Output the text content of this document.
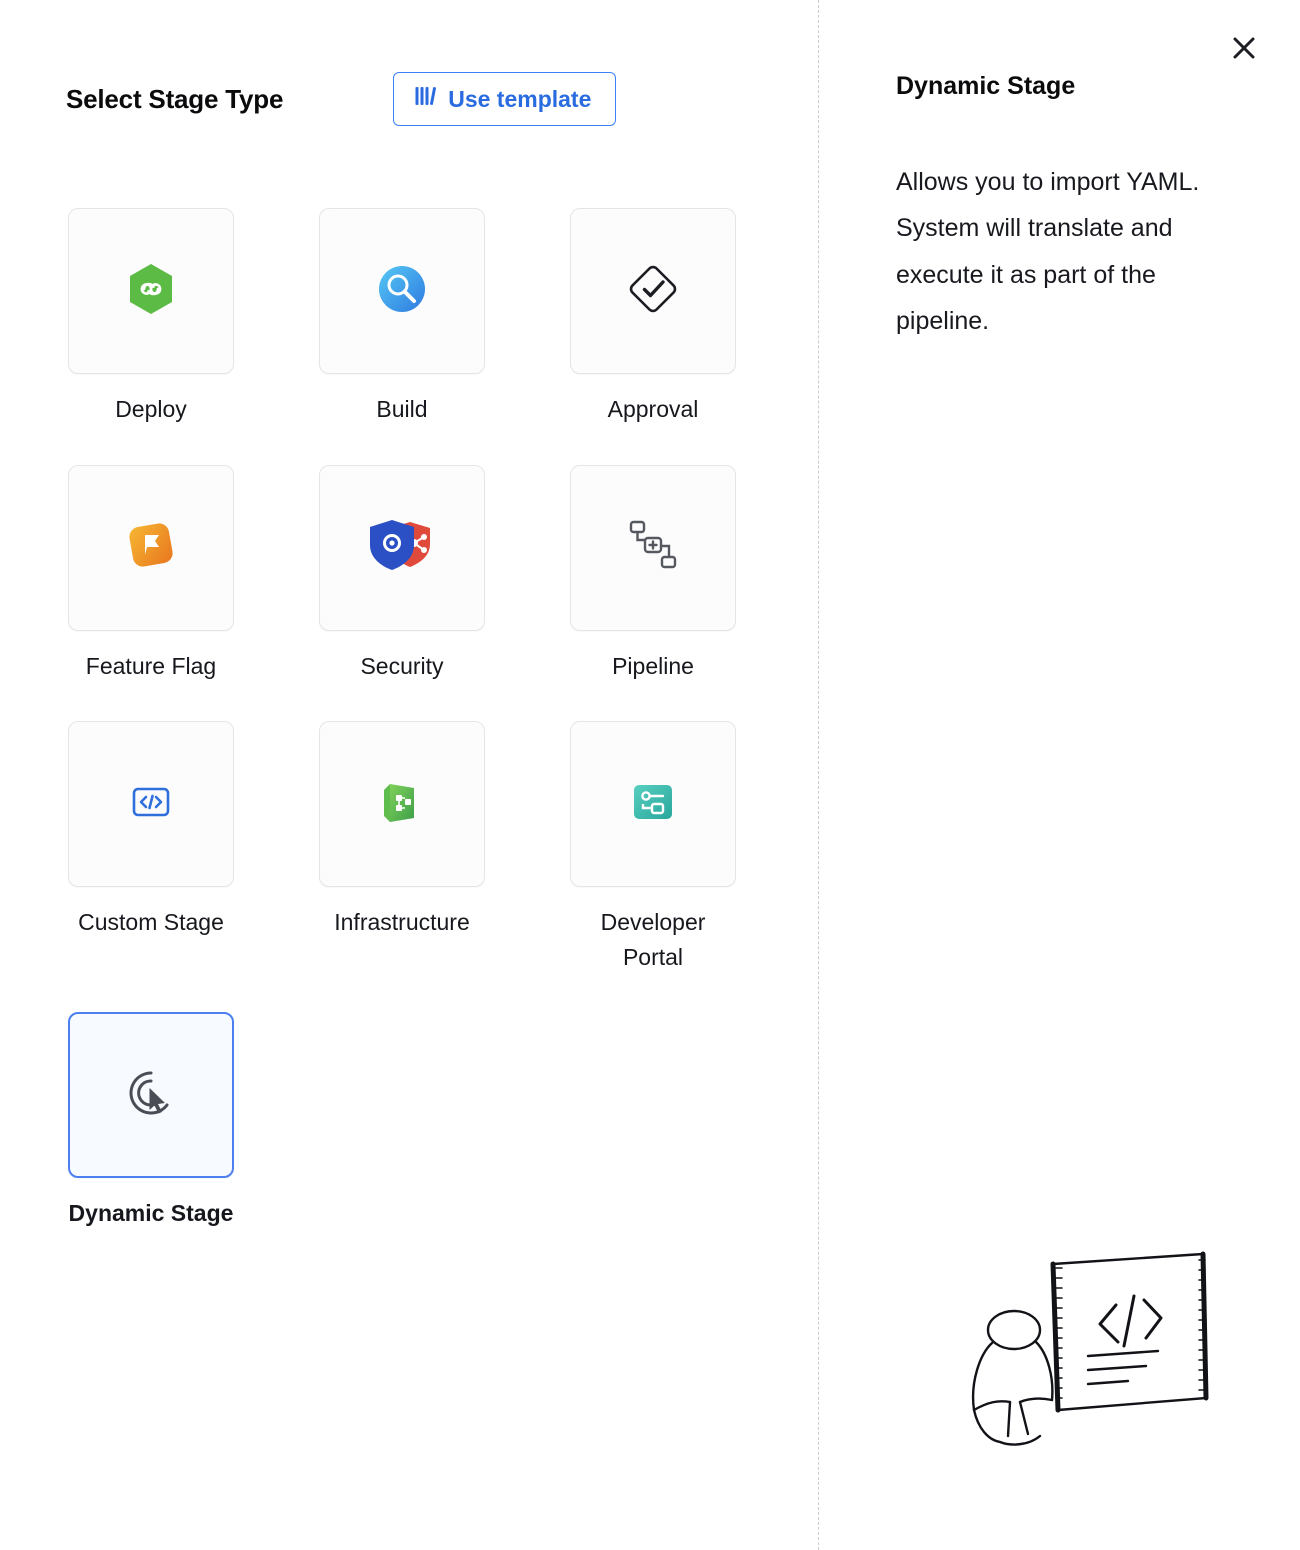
Select Stage Type	Use template
Deploy	Build	Approval
Feature Flag	Security	Pipeline
Custom Stage	Infrastructure	Developer Portal
Dynamic Stage
Dynamic Stage
Allows you to import YAML. System will translate and execute it as part of the pipeline.
